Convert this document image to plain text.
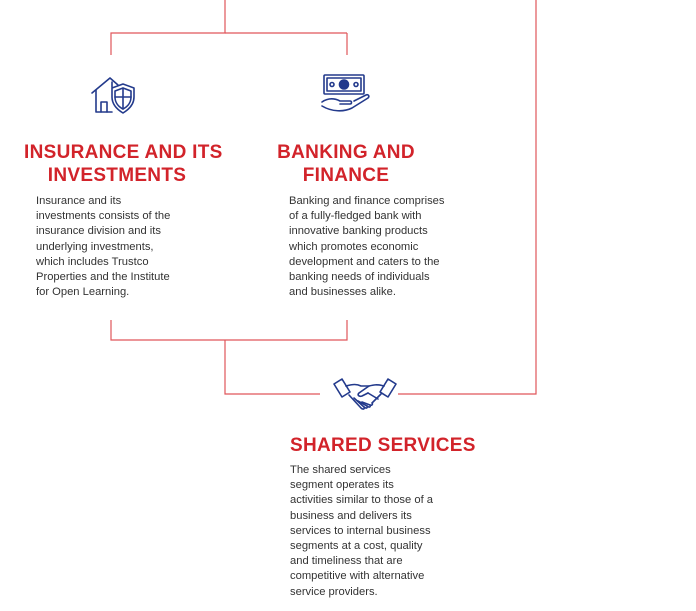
INSURANCE AND ITS
INVESTMENTS

Insurance and its
investments consists of the
insurance division and its
underlying investments,
which includes Trustco
Properties and the Institute
for Open Learning.

BANKING AND
FINANCE

Banking and finance comprises
of a fully-fledged bank with
innovative banking products
which promotes economic
development and caters to the
banking needs of individuals
and businesses alike.

SHARED SERVICES

The shared services
segment operates its
activities similar to those of a
business and delivers its
services to internal business
segments at a cost, quality
and timeliness that are
competitive with alternative
service providers.
